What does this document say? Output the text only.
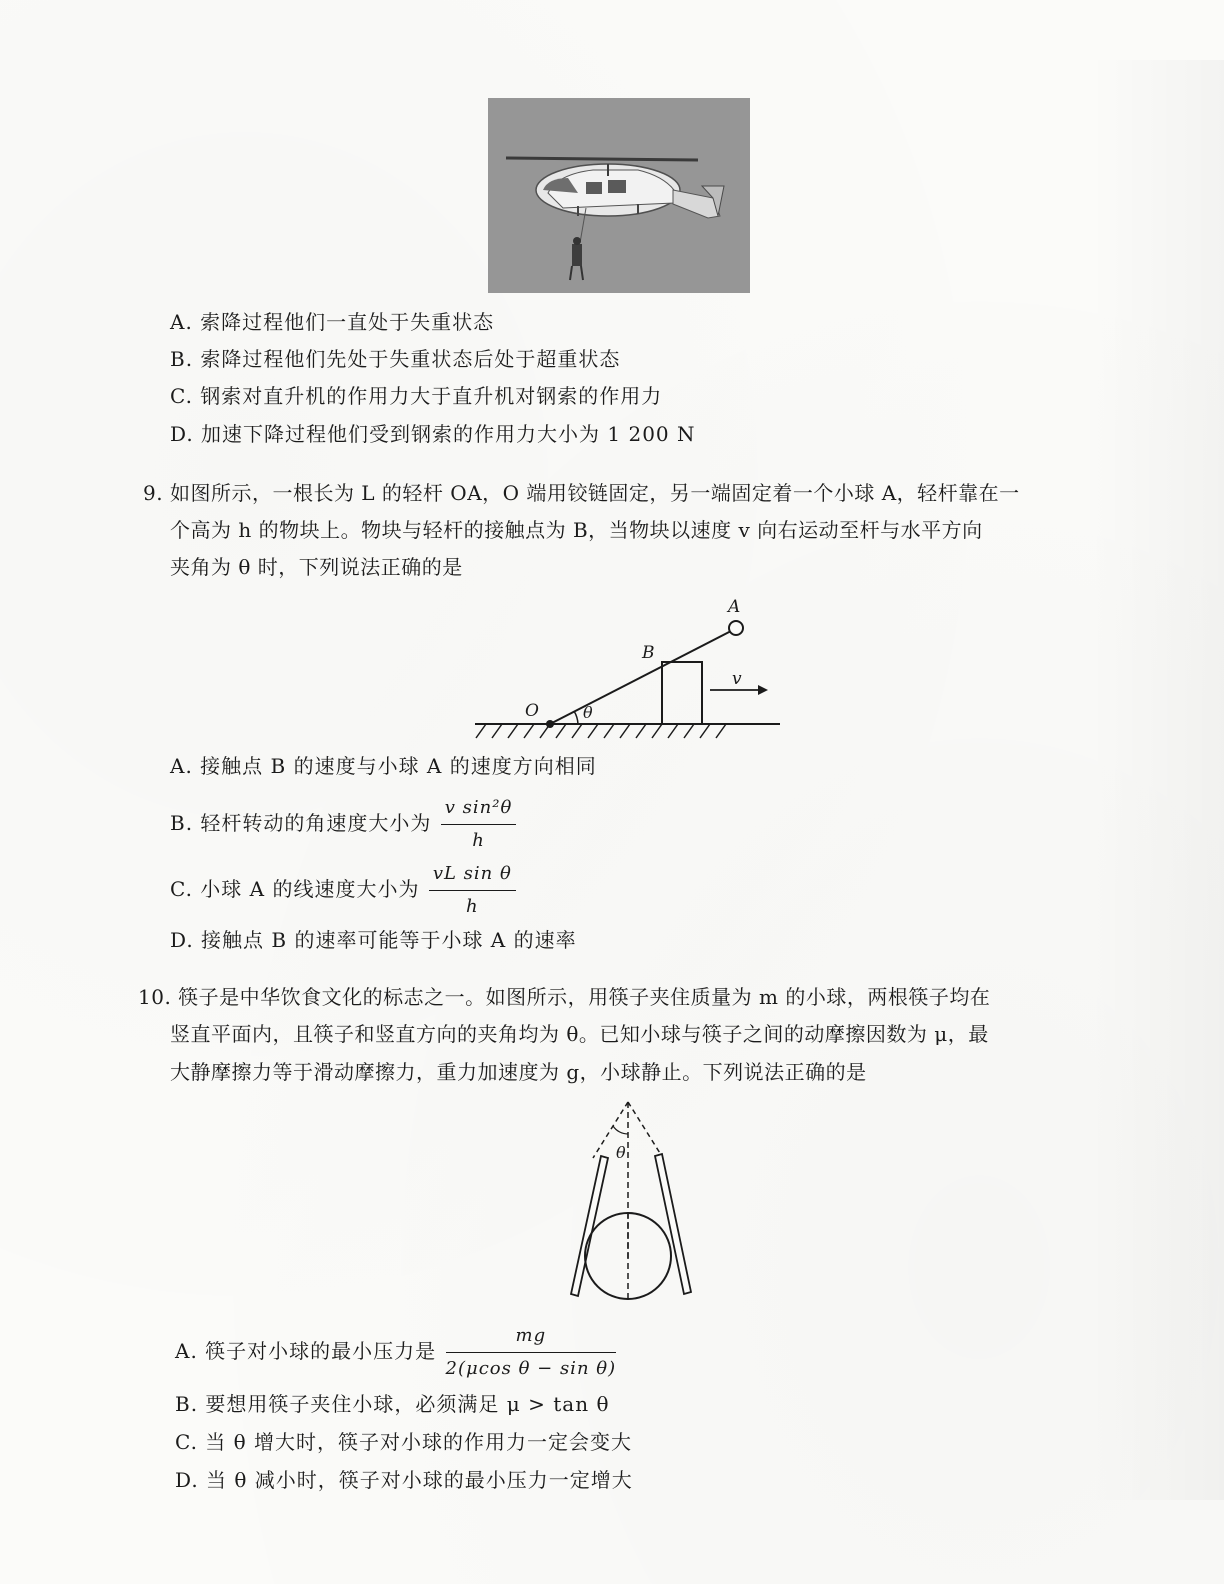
A. 索降过程他们一直处于失重状态
B. 索降过程他们先处于失重状态后处于超重状态
C. 钢索对直升机的作用力大于直升机对钢索的作用力
D. 加速下降过程他们受到钢索的作用力大小为 1 200 N
9. 如图所示，一根长为 L 的轻杆 OA，O 端用铰链固定，另一端固定着一个小球 A，轻杆靠在一
个高为 h 的物块上。物块与轻杆的接触点为 B，当物块以速度 v 向右运动至杆与水平方向
夹角为 θ 时，下列说法正确的是
A
B
O	θ
v
A. 接触点 B 的速度与小球 A 的速度方向相同
B. 轻杆转动的角速度大小为 $\frac{\text{v sin²θ}}{h}$
C. 小球 A 的线速度大小为 $\frac{\text{vL sin θ}}{h}$
D. 接触点 B 的速率可能等于小球 A 的速率
10. 筷子是中华饮食文化的标志之一。如图所示，用筷子夹住质量为 m 的小球，两根筷子均在
竖直平面内，且筷子和竖直方向的夹角均为 θ。已知小球与筷子之间的动摩擦因数为 μ，最
大静摩擦力等于滑动摩擦力，重力加速度为 g，小球静止。下列说法正确的是
θ
A. 筷子对小球的最小压力是 $\frac{mg}{\text{2(μcos θ − sin θ)}}$
B. 要想用筷子夹住小球，必须满足 μ > tan θ
C. 当 θ 增大时，筷子对小球的作用力一定会变大
D. 当 θ 减小时，筷子对小球的最小压力一定增大
